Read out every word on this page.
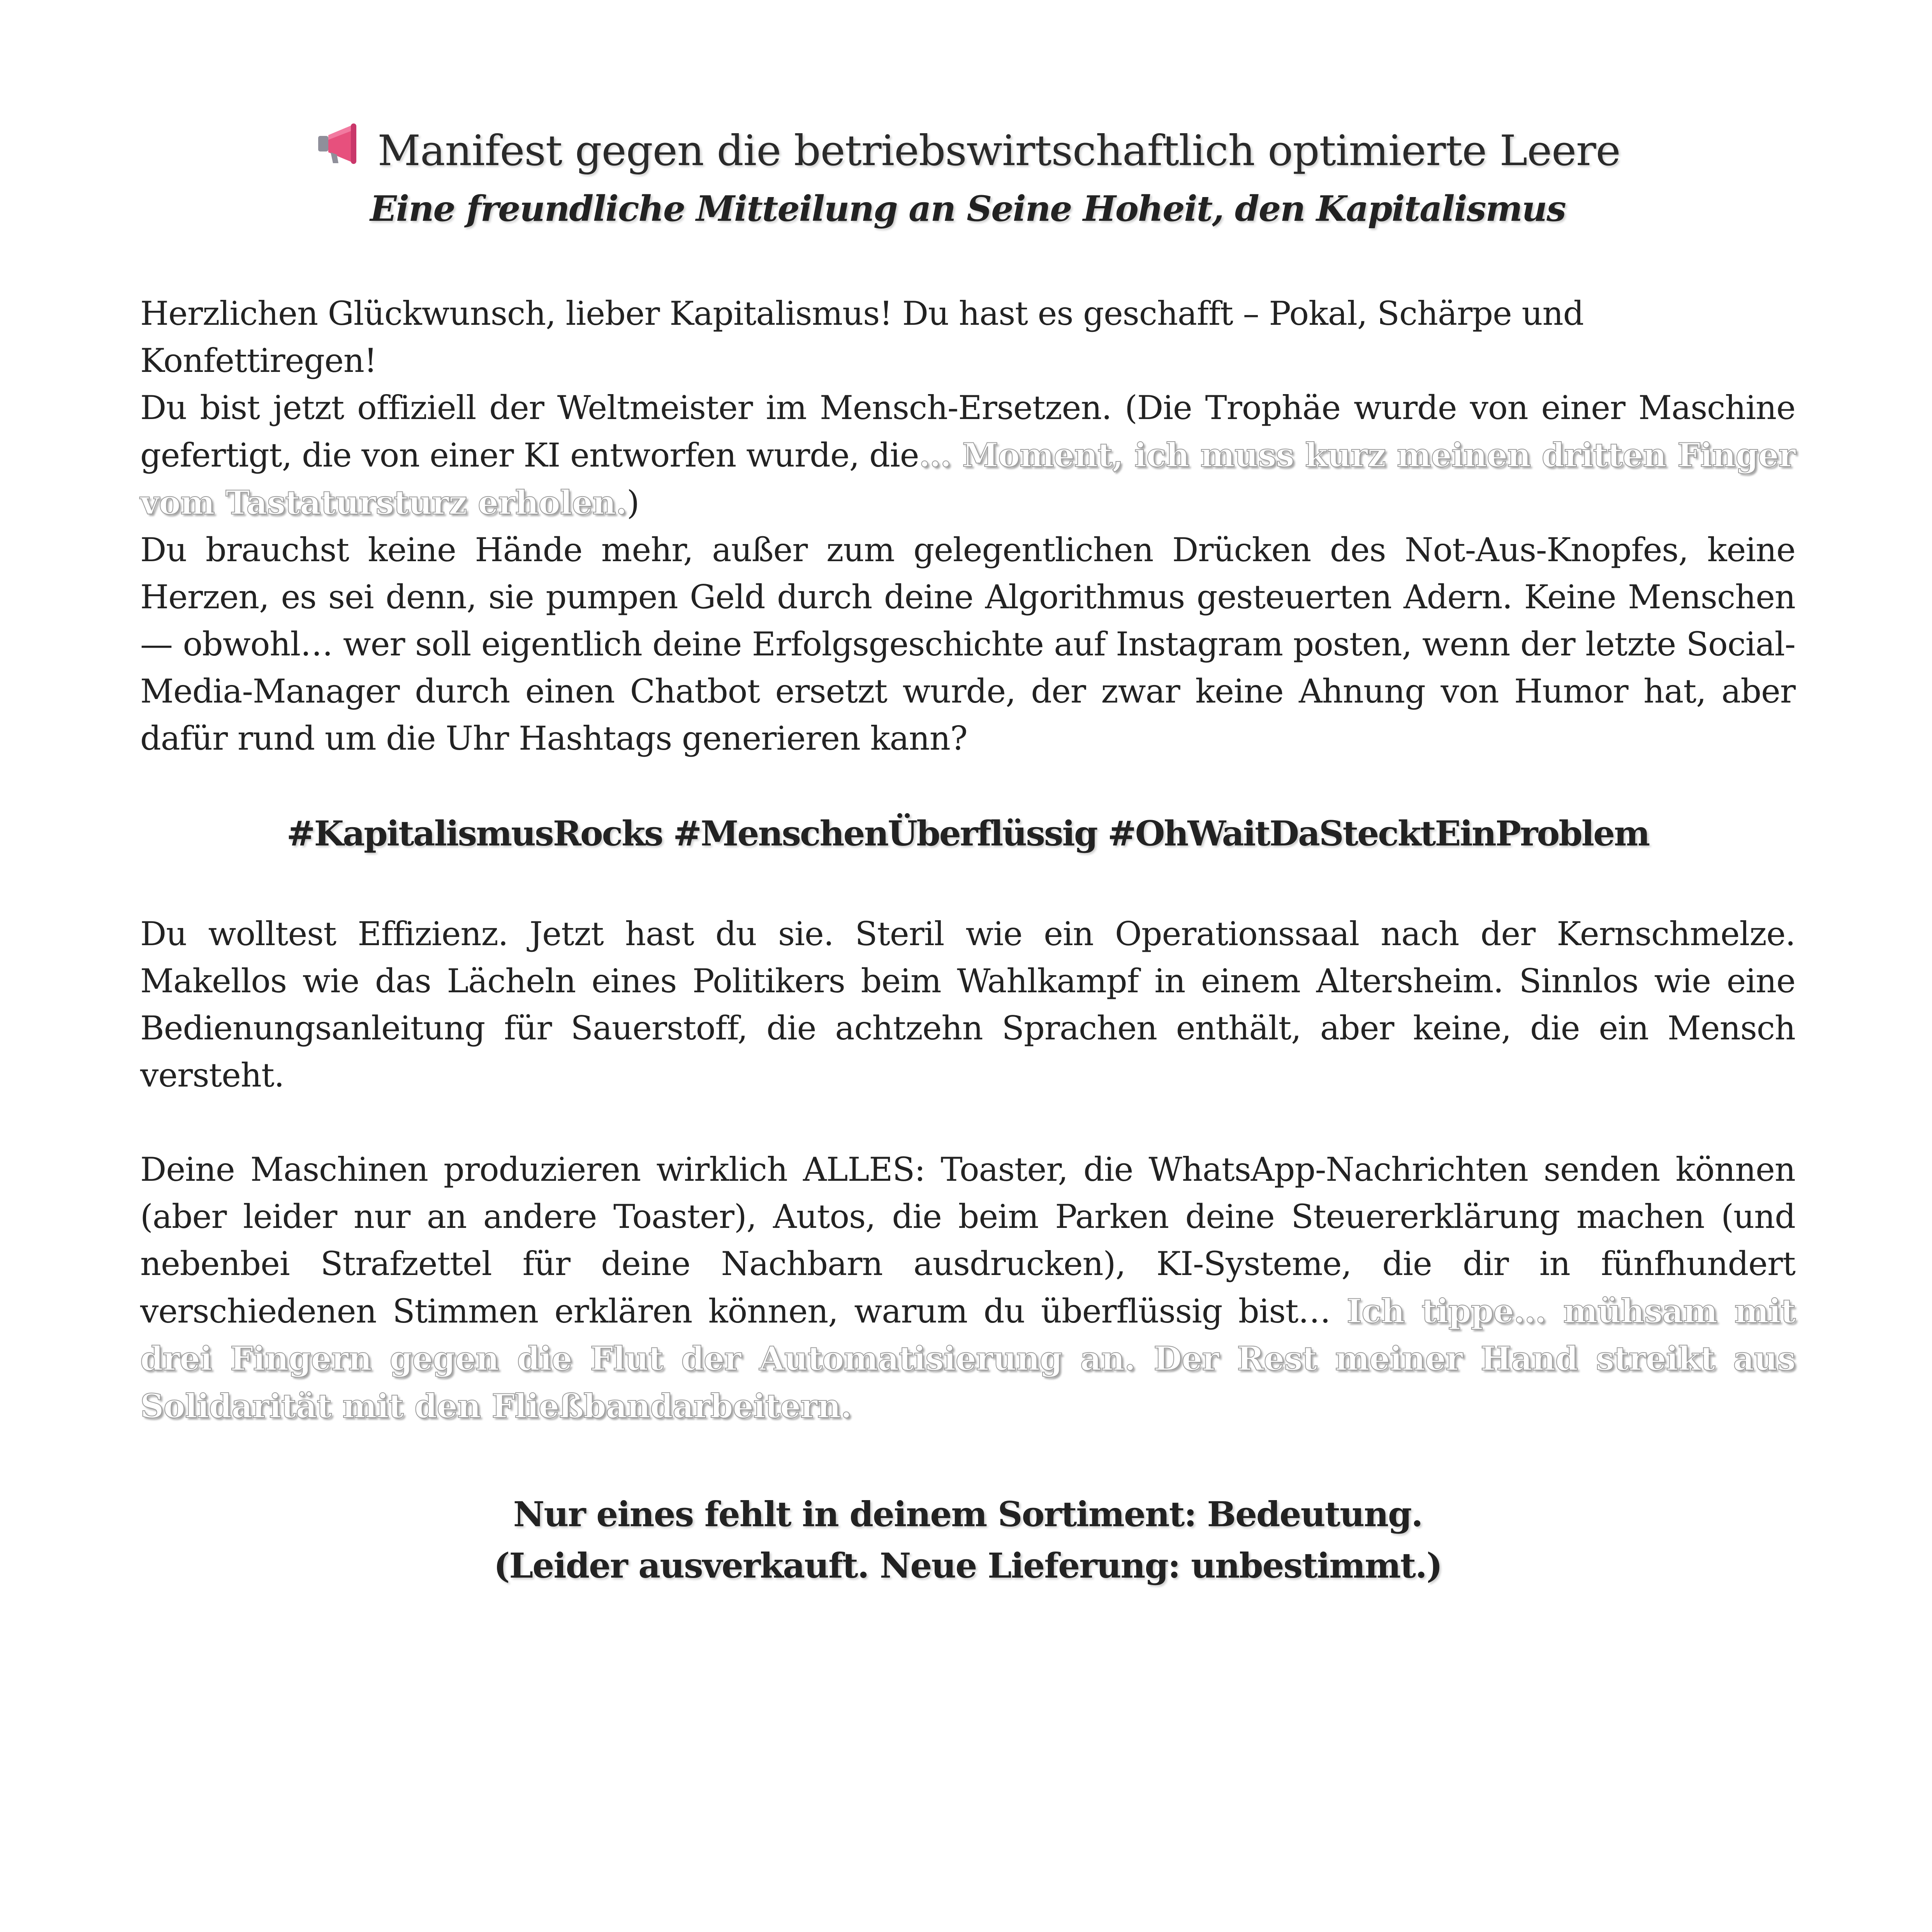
Manifest gegen die betriebswirtschaftlich optimierte Leere
Eine freundliche Mitteilung an Seine Hoheit, den Kapitalismus

Herzlichen Glückwunsch, lieber Kapitalismus! Du hast es geschafft – Pokal, Schärpe und Konfettiregen!

Du bist jetzt offiziell der Weltmeister im Mensch-Ersetzen. (Die Trophäe wurde von einer Maschine gefertigt, die von einer KI entworfen wurde, die… Moment, ich muss kurz meinen dritten Finger vom Tastatursturz erholen.)

Du brauchst keine Hände mehr, außer zum gelegentlichen Drücken des Not-Aus-Knopfes, keine Herzen, es sei denn, sie pumpen Geld durch deine Algorithmus gesteuerten Adern. Keine Menschen — obwohl… wer soll eigentlich deine Erfolgsgeschichte auf Instagram posten, wenn der letzte Social-Media-Manager durch einen Chatbot ersetzt wurde, der zwar keine Ahnung von Humor hat, aber dafür rund um die Uhr Hashtags generieren kann?

#KapitalismusRocks #MenschenÜberflüssig #OhWaitDaStecktEinProblem

Du wolltest Effizienz. Jetzt hast du sie. Steril wie ein Operationssaal nach der Kernschmelze. Makellos wie das Lächeln eines Politikers beim Wahlkampf in einem Altersheim. Sinnlos wie eine Bedienungsanleitung für Sauerstoff, die achtzehn Sprachen enthält, aber keine, die ein Mensch versteht.

Deine Maschinen produzieren wirklich ALLES: Toaster, die WhatsApp-Nachrichten senden können (aber leider nur an andere Toaster), Autos, die beim Parken deine Steuererklärung machen (und nebenbei Strafzettel für deine Nachbarn ausdrucken), KI-Systeme, die dir in fünfhundert verschiedenen Stimmen erklären können, warum du überflüssig bist… Ich tippe… mühsam mit drei Fingern gegen die Flut der Automatisierung an. Der Rest meiner Hand streikt aus Solidarität mit den Fließbandarbeitern.

Nur eines fehlt in deinem Sortiment: Bedeutung.
(Leider ausverkauft. Neue Lieferung: unbestimmt.)
